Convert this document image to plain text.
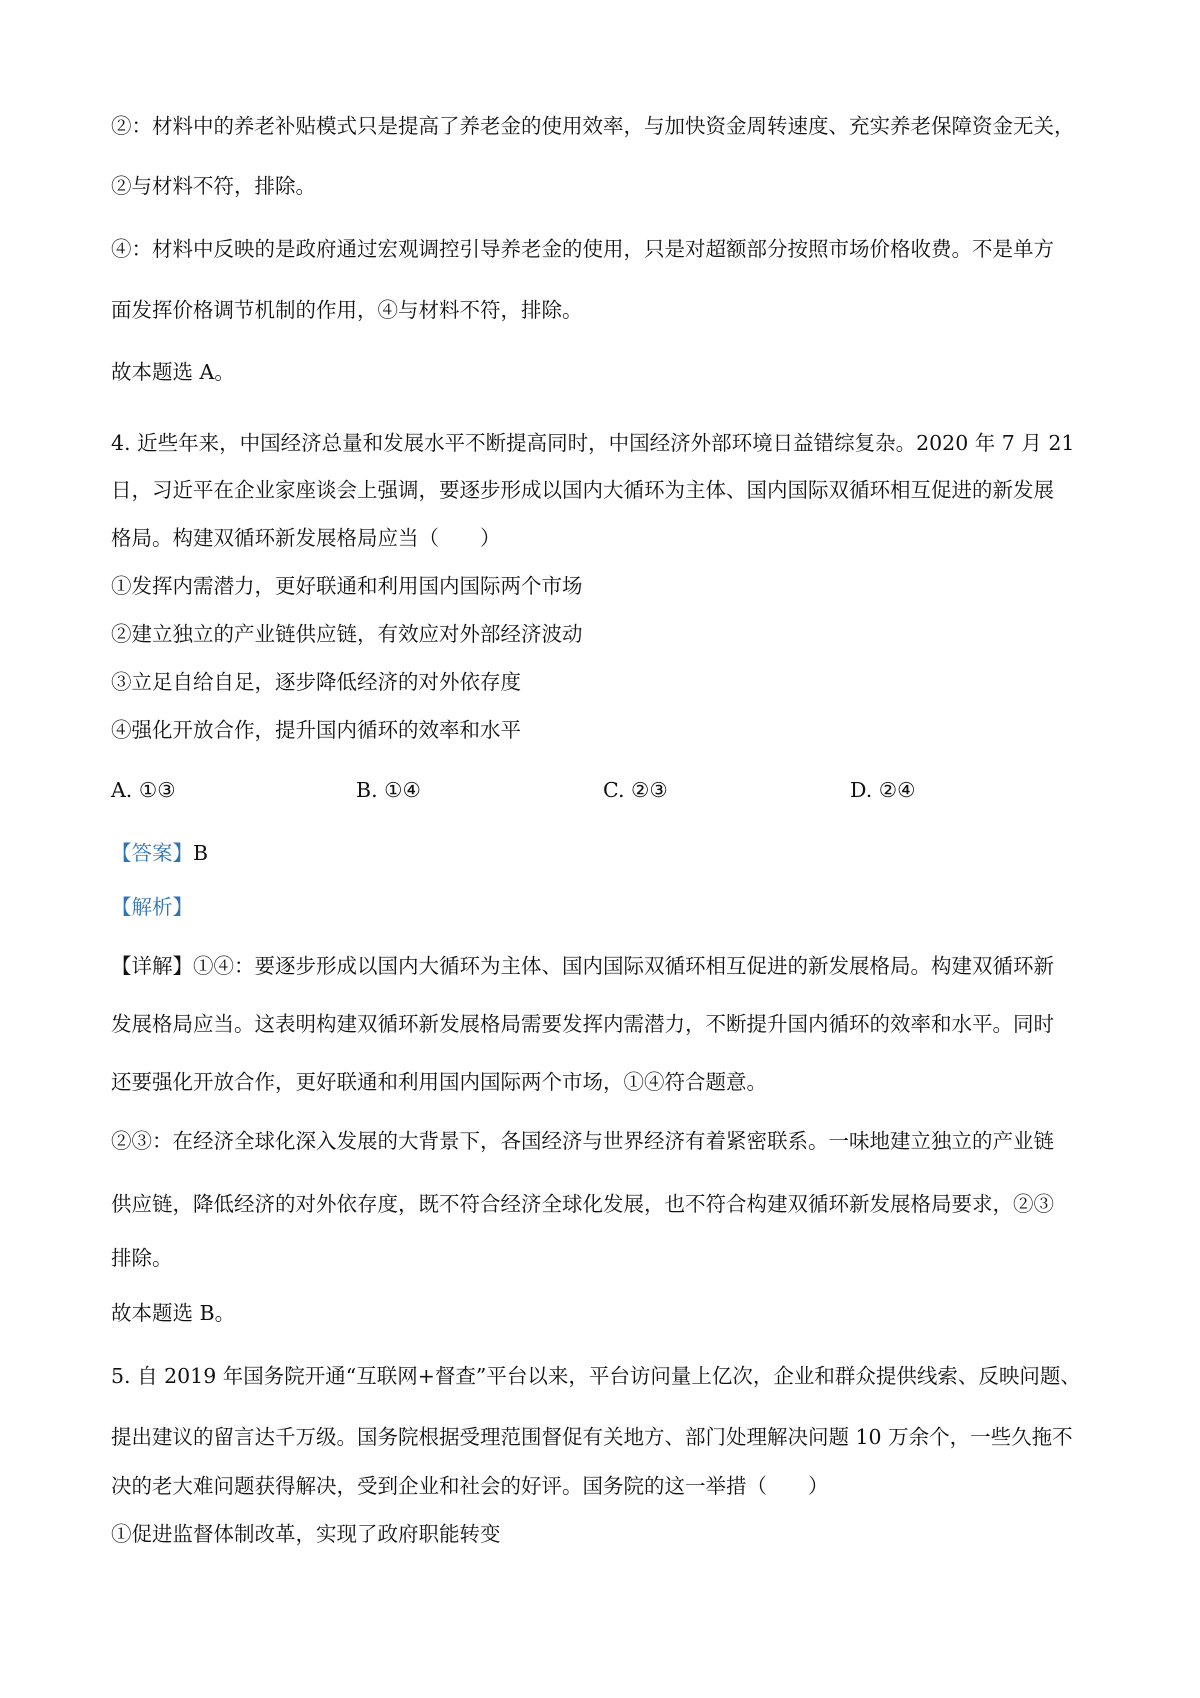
②：材料中的养老补贴模式只是提高了养老金的使用效率，与加快资金周转速度、充实养老保障资金无关，
②与材料不符，排除。
④：材料中反映的是政府通过宏观调控引导养老金的使用，只是对超额部分按照市场价格收费。不是单方
面发挥价格调节机制的作用，④与材料不符，排除。
故本题选 A。
4. 近些年来，中国经济总量和发展水平不断提高同时，中国经济外部环境日益错综复杂。2020 年 7 月 21
日，习近平在企业家座谈会上强调，要逐步形成以国内大循环为主体、国内国际双循环相互促进的新发展
格局。构建双循环新发展格局应当（　　）
①发挥内需潜力，更好联通和利用国内国际两个市场
②建立独立的产业链供应链，有效应对外部经济波动
③立足自给自足，逐步降低经济的对外依存度
④强化开放合作，提升国内循环的效率和水平
A. ①③	B. ①④	C. ②③	D. ②④
【答案】B
【解析】
【详解】①④：要逐步形成以国内大循环为主体、国内国际双循环相互促进的新发展格局。构建双循环新
发展格局应当。这表明构建双循环新发展格局需要发挥内需潜力，不断提升国内循环的效率和水平。同时
还要强化开放合作，更好联通和利用国内国际两个市场，①④符合题意。
②③：在经济全球化深入发展的大背景下，各国经济与世界经济有着紧密联系。一味地建立独立的产业链
供应链，降低经济的对外依存度，既不符合经济全球化发展，也不符合构建双循环新发展格局要求，②③
排除。
故本题选 B。
5. 自 2019 年国务院开通“互联网+督查”平台以来，平台访问量上亿次，企业和群众提供线索、反映问题、
提出建议的留言达千万级。国务院根据受理范围督促有关地方、部门处理解决问题 10 万余个，一些久拖不
决的老大难问题获得解决，受到企业和社会的好评。国务院的这一举措（　　）
①促进监督体制改革，实现了政府职能转变
